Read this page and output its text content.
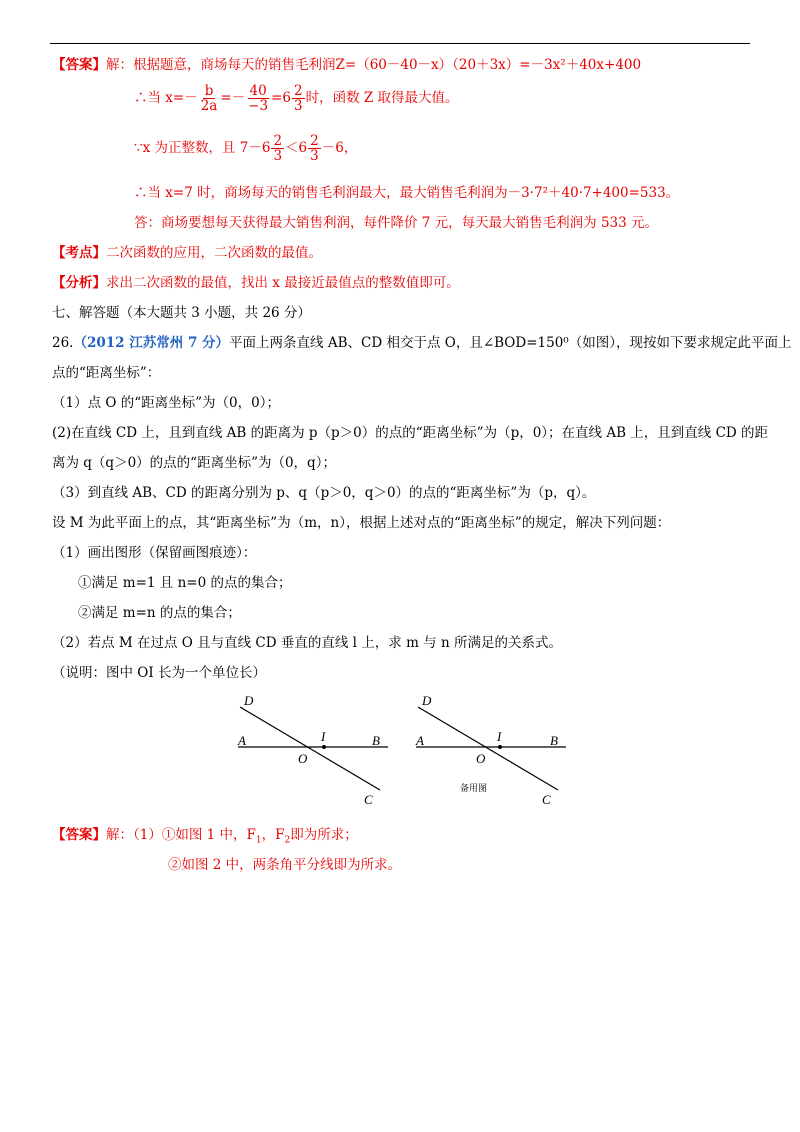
【答案】解：根据题意，商场每天的销售毛利润Z=（60－40－x）（20＋3x）=－3x²＋40x+400
∴当 $x=- \frac{b}{2a} =- \frac{40}{-3} =6 \frac{2}{3}$ 时，函数 Z 取得最大值。
∵x 为正整数，且 $7-6 \frac{2}{3} <6 \frac{2}{3} -6$，
∴当 x=7 时，商场每天的销售毛利润最大，最大销售毛利润为－3·7²＋40·7+400=533。
答：商场要想每天获得最大销售利润，每件降价 7 元，每天最大销售毛利润为 533 元。
【考点】二次函数的应用，二次函数的最值。
【分析】求出二次函数的最值，找出 x 最接近最值点的整数值即可。
七、解答题（本大题共 3 小题，共 26 分）
26.（2012 江苏常州 7 分）平面上两条直线 AB、CD 相交于点 O，且∠BOD=150⁰（如图），现按如下要求规定此平面上
点的“距离坐标”：
（1）点 O 的“距离坐标”为（0，0）；
(2)在直线 CD 上，且到直线 AB 的距离为 p（p＞0）的点的“距离坐标”为（p，0）；在直线 AB 上，且到直线 CD 的距
离为 q（q＞0）的点的“距离坐标”为（0，q）；
（3）到直线 AB、CD 的距离分别为 p、q（p＞0，q＞0）的点的“距离坐标”为（p，q）。
设 M 为此平面上的点，其“距离坐标”为（m，n），根据上述对点的“距离坐标”的规定，解决下列问题：
（1）画出图形（保留画图痕迹）：
①满足 m=1 且 n=0 的点的集合；
②满足 m=n 的点的集合；
（2）若点 M 在过点 O 且与直线 CD 垂直的直线 l 上，求 m 与 n 所满足的关系式。
（说明：图中 OI 长为一个单位长）
D
A	I	B
O
C
D
A	I	B
O
备用图
C
【答案】解：（1）①如图 1 中，$F_1$，$F_2$即为所求；
②如图 2 中，两条角平分线即为所求。
